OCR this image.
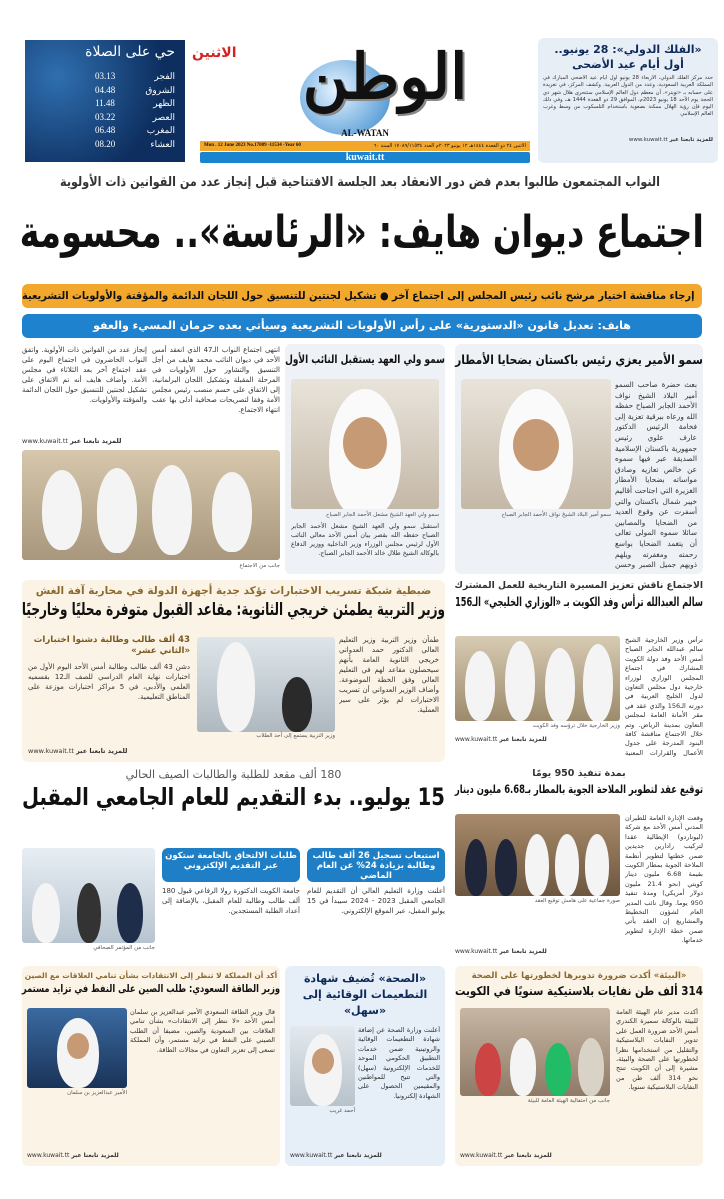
حي على الصلاة
الفجر
03.13
الشروق
04.48
الظهر
11.48
العصر
03.22
المغرب
06.48
العشاء
08.20
الاثنين	الوطن
AL-WATAN
Mon . 12 June 2023 No.17089 -11534 -Year 60	الاثنين ٢٤ ذو القعدة ١٤٤٤هـ ١٢ يونيو ٢٠٢٣م العدد ١٧٠٨٩/١١٥٣٤ السنة ٦٠
kuwait.tt
«الفلك الدولي»: 28 يونيو.. أول أيام عيد الأضحى
حدد مركز الفلك الدولي، الأربعاء 28 يونيو أول أيام عيد الأضحى المبارك في المملكة العربية السعودية، وعدد من الدول العربية. وكشف المركز، في تغريدة على حسابه بـ «تويتر»، أن معظم دول العالم الإسلامي ستتحرى هلال شهر ذي الحجة يوم الأحد 18 يونيو 2023م، الموافق 29 ذو القعدة 1444 هـ، وفي ذلك اليوم فإن رؤية الهلال ممكنة بصعوبة باستخدام التلسكوب من وسط وغرب العالم الإسلامي
للمزيد تابعنا عبر www.kuwait.tt
النواب المجتمعون طالبوا بعدم فض دور الانعقاد بعد الجلسة الافتتاحية قبل إنجاز عدد من القوانين ذات الأولوية
اجتماع ديوان هايف: «الرئاسة».. محسومة
إرجاء مناقشة اختيار مرشح نائب رئيس المجلس إلى اجتماع آخر ● تشكيل لجنتين للتنسيق حول اللجان الدائمة والمؤقتة والأولويات التشريعية
هايف: تعديل قانون «الدستورية» على رأس الأولويات التشريعية وسيأتي بعده حرمان المسيء والعفو
انتهى اجتماع النواب الـ47 الذي انعقد أمس الأحد في ديوان النائب محمد هايف من أجل التنسيق والتشاور حول الأولويات في المرحلة المقبلة وتشكيل اللجان البرلمانية، إلى الاتفاق على حسم منصب رئيس مجلس الأمة وفقا لتصريحات صحافية أدلى بها عقب انتهاء الاجتماع.
إنجاز عدد من القوانين ذات الأولوية. واتفق النواب الحاضرون في اجتماع اليوم على عقد اجتماع آخر بعد الثلاثاء في مجلس الأمة. وأضاف هايف أنه تم الاتفاق على تشكيل لجنتين للتنسيق حول اللجان الدائمة والمؤقتة والأولويات.
للمزيد تابعنا عبر www.kuwait.tt
جانب من الاجتماع
سمو ولي العهد يستقبل النائب الأول
سمو ولي العهد الشيخ مشعل الأحمد الجابر الصباح
استقبل سمو ولي العهد الشيخ مشعل الأحمد الجابر الصباح حفظه الله بقصر بيان أمس الأحد معالي النائب الأول لرئيس مجلس الوزراء وزير الداخلية ووزير الدفاع بالوكالة الشيخ طلال خالد الأحمد الجابر الصباح.
سمو الأمير يعزي رئيس باكستان بضحايا الأمطار
سمو أمير البلاد الشيخ نواف الأحمد الجابر الصباح
بعث حضرة صاحب السمو أمير البلاد الشيخ نواف الأحمد الجابر الصباح حفظه الله ورعاه ببرقية تعزية إلى فخامة الرئيس الدكتور عارف علوي رئيس جمهورية باكستان الإسلامية الصديقة عبر فيها سموه عن خالص تعازيه وصادق مواساته بضحايا الأمطار الغزيرة التي اجتاحت أقاليم خيبر شمال باكستان والتي أسفرت عن وقوع العديد من الضحايا والمصابين سائلا سموه المولى تعالى أن يتغمد الضحايا بواسع رحمته ومغفرته ويلهم ذويهم جميل الصبر وحسن
ضبطية شبكة تسريب الاختبارات تؤكد جدية أجهزة الدولة في محاربة آفة الغش
وزير التربية يطمئن خريجي الثانوية: مقاعد القبول متوفرة محليًا وخارجيًا
طمأن وزير التربية وزير التعليم العالي الدكتور حمد العدواني خريجي الثانوية العامة بأنهم سيحصلون مقاعد لهم في التعليم العالي وفق الخطة الموضوعة. وأضاف الوزير العدواني أن تسريب الاختبارات لم يؤثر على سير العملية.
وزير التربية يستمع إلى أحد الطلاب
43 ألف طالب وطالبة دشنوا اختبارات «الثاني عشر»
دشن 43 ألف طالب وطالبة أمس الأحد اليوم الأول من اختبارات نهاية العام الدراسي للصف الـ12 بقسميه العلمي والأدبي، في 5 مراكز اختبارات موزعة على المناطق التعليمية.
للمزيد تابعنا عبر www.kuwait.tt
الاجتماع ناقش تعزيز المسيرة التاريخية للعمل المشترك
سالم العبدالله ترأس وفد الكويت بـ «الوزاري الخليجي» الـ156
وزير الخارجية خلال ترؤسه وفد الكويت
ترأس وزير الخارجية الشيخ سالم عبدالله الجابر الصباح أمس الأحد وفد دولة الكويت المشارك في اجتماع المجلس الوزاري لوزراء خارجية دول مجلس التعاون لدول الخليج العربية في دورته الـ156 والذي عقد في مقر الأمانة العامة لمجلس التعاون بمدينة الرياض. وتم خلال الاجتماع مناقشة كافة البنود المدرجة على جدول الأعمال والقرارات المعنية
للمزيد تابعنا عبر www.kuwait.tt
180 ألف مقعد للطلبة والطالبات الصيف الحالي
15 يوليو.. بدء التقديم للعام الجامعي المقبل
استيعاب تسجيل 26 ألف طالب وطالبة بزيادة 24% عن العام الماضي
طلبات الالتحاق بالجامعة ستكون عبر التقديم الإلكتروني
أعلنت وزارة التعليم العالي أن التقديم للعام الجامعي المقبل 2023 - 2024 سيبدأ في 15 يوليو المقبل، عبر الموقع الإلكتروني.
جامعة الكويت الدكتورة رولا الرفاعي قبول 180 ألف طالب وطالبة للعام المقبل، بالإضافة إلى أعداد الطلبة المستجدين.
جانب من المؤتمر الصحافي
بمدة تنفيذ 950 يومًا
توقيع عقد لتطوير الملاحة الجوية بالمطار بـ6.68 مليون دينار
صورة جماعية على هامش توقيع العقد
وقعت الإدارة العامة للطيران المدني أمس الأحد مع شركة (ليوناردو) الإيطالية عقدا لتركيب رادارين جديدين ضمن خطتها لتطوير أنظمة الملاحة الجوية بمطار الكويت بقيمة 6.68 مليون دينار كويتي (نحو 21.4 مليون دولار أمريكي) ومدة تنفيذ 950 يوما. وقال نائب المدير العام لشؤون التخطيط والمشاريع إن العقد يأتي ضمن خطة الإدارة لتطوير خدماتها.
للمزيد تابعنا عبر www.kuwait.tt
أكد أن المملكة لا تنظر إلى الانتقادات بشأن تنامي العلاقات مع الصين
وزير الطاقة السعودي: طلب الصين على النفط في تزايد مستمر
الأمير عبدالعزيز بن سلمان
قال وزير الطاقة السعودي الأمير عبدالعزيز بن سلمان أمس الأحد «لا ننظر إلى الانتقادات» بشأن تنامي العلاقات بين السعودية والصين، مضيفا أن الطلب الصيني على النفط في تزايد مستمر، وأن المملكة تسعى إلى تعزيز التعاون في مجالات الطاقة.
للمزيد تابعنا عبر www.kuwait.tt
«الصحة» تُضيف شهادة التطعيمات الوقائية إلى «سهل»
أحمد غريب
أعلنت وزارة الصحة عن إضافة شهادة التطعيمات الوقائية والروتينية ضمن خدمات التطبيق الحكومي الموحد للخدمات الإلكترونية (سهل) والتي تتيح للمواطنين والمقيمين الحصول على الشهادة إلكترونيا.
للمزيد تابعنا عبر www.kuwait.tt
«البيئة» أكدت ضرورة تدويرها لخطورتها على الصحة
314 ألف طن نفايات بلاستيكية سنويًا في الكويت
جانب من احتفالية الهيئة العامة للبيئة
أكدت مدير عام الهيئة العامة للبيئة بالوكالة سميرة الكندري أمس الأحد ضرورة العمل على تدوير النفايات البلاستيكية والتقليل من استخدامها نظرا لخطورتها على الصحة والبيئة، مشيرة إلى أن الكويت تنتج نحو 314 ألف طن من النفايات البلاستيكية سنويا.
للمزيد تابعنا عبر www.kuwait.tt
